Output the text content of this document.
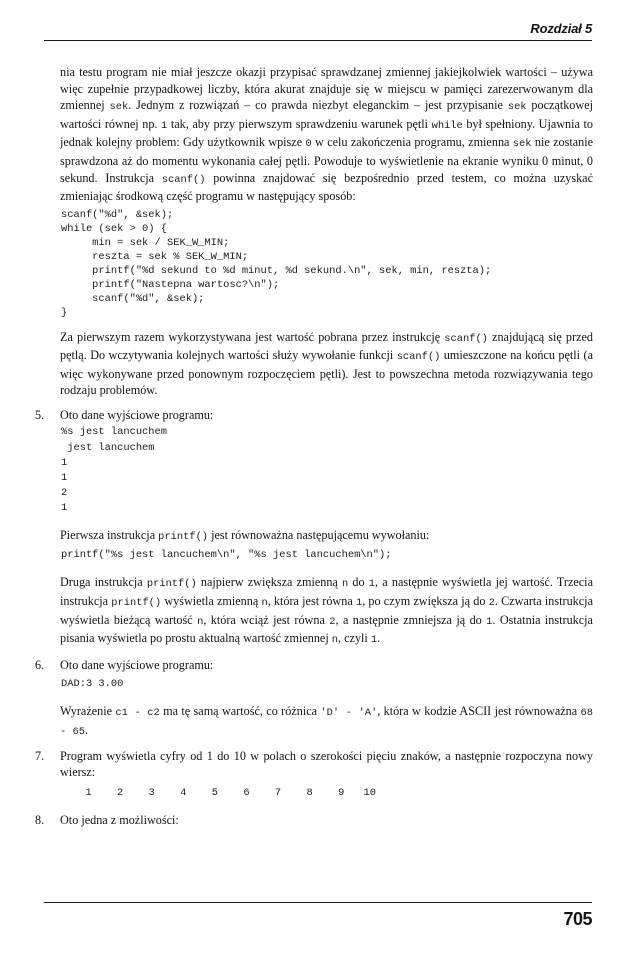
Rozdział 5

nia testu program nie miał jeszcze okazji przypisać sprawdzanej zmiennej jakiejkolwiek wartości – używa więc zupełnie przypadkowej liczby, która akurat znajduje się w miejscu w pamięci zarezerwowanym dla zmiennej sek. Jednym z rozwiązań – co prawda niezbyt eleganckim – jest przypisanie sek początkowej wartości równej np. 1 tak, aby przy pierwszym sprawdzeniu warunek pętli while był spełniony. Ujawnia to jednak kolejny problem: Gdy użytkownik wpisze 0 w celu zakończenia programu, zmienna sek nie zostanie sprawdzona aż do momentu wykonania całej pętli. Powoduje to wyświetlenie na ekranie wyniku 0 minut, 0 sekund. Instrukcja scanf() powinna znajdować się bezpośrednio przed testem, co można uzyskać zmieniając środkową część programu w następujący sposób:

scanf("%d", &sek);
while (sek > 0) {
min = sek / SEK_W_MIN;
reszta = sek % SEK_W_MIN;
printf("%d sekund to %d minut, %d sekund.\n", sek, min, reszta);
printf("Nastepna wartosc?\n");
scanf("%d", &sek);
}

Za pierwszym razem wykorzystywana jest wartość pobrana przez instrukcję scanf() znajdującą się przed pętlą. Do wczytywania kolejnych wartości służy wywołanie funkcji scanf() umieszczone na końcu pętli (a więc wykonywane przed ponownym rozpoczęciem pętli). Jest to powszechna metoda rozwiązywania tego rodzaju problemów.

5. Oto dane wyjściowe programu:
%s jest lancuchem
jest lancuchem
1
1
2
1

Pierwsza instrukcja printf() jest równoważna następującemu wywołaniu:

printf("%s jest lancuchem\n", "%s jest lancuchem\n");

Druga instrukcja printf() najpierw zwiększa zmienną n do 1, a następnie wyświetla jej wartość. Trzecia instrukcja printf() wyświetla zmienną n, która jest równa 1, po czym zwiększa ją do 2. Czwarta instrukcja wyświetla bieżącą wartość n, która wciąż jest równa 2, a następnie zmniejsza ją do 1. Ostatnia instrukcja pisania wyświetla po prostu aktualną wartość zmiennej n, czyli 1.

6. Oto dane wyjściowe programu:
DAD:3 3.00

Wyrażenie c1 - c2 ma tę samą wartość, co różnica 'D' - 'A', która w kodzie ASCII jest równoważna 68 - 65.

7. Program wyświetla cyfry od 1 do 10 w polach o szerokości pięciu znaków, a następnie rozpoczyna nowy wiersz:
1 2 3 4 5 6 7 8 9 10
8. Oto jedna z możliwości:
705
